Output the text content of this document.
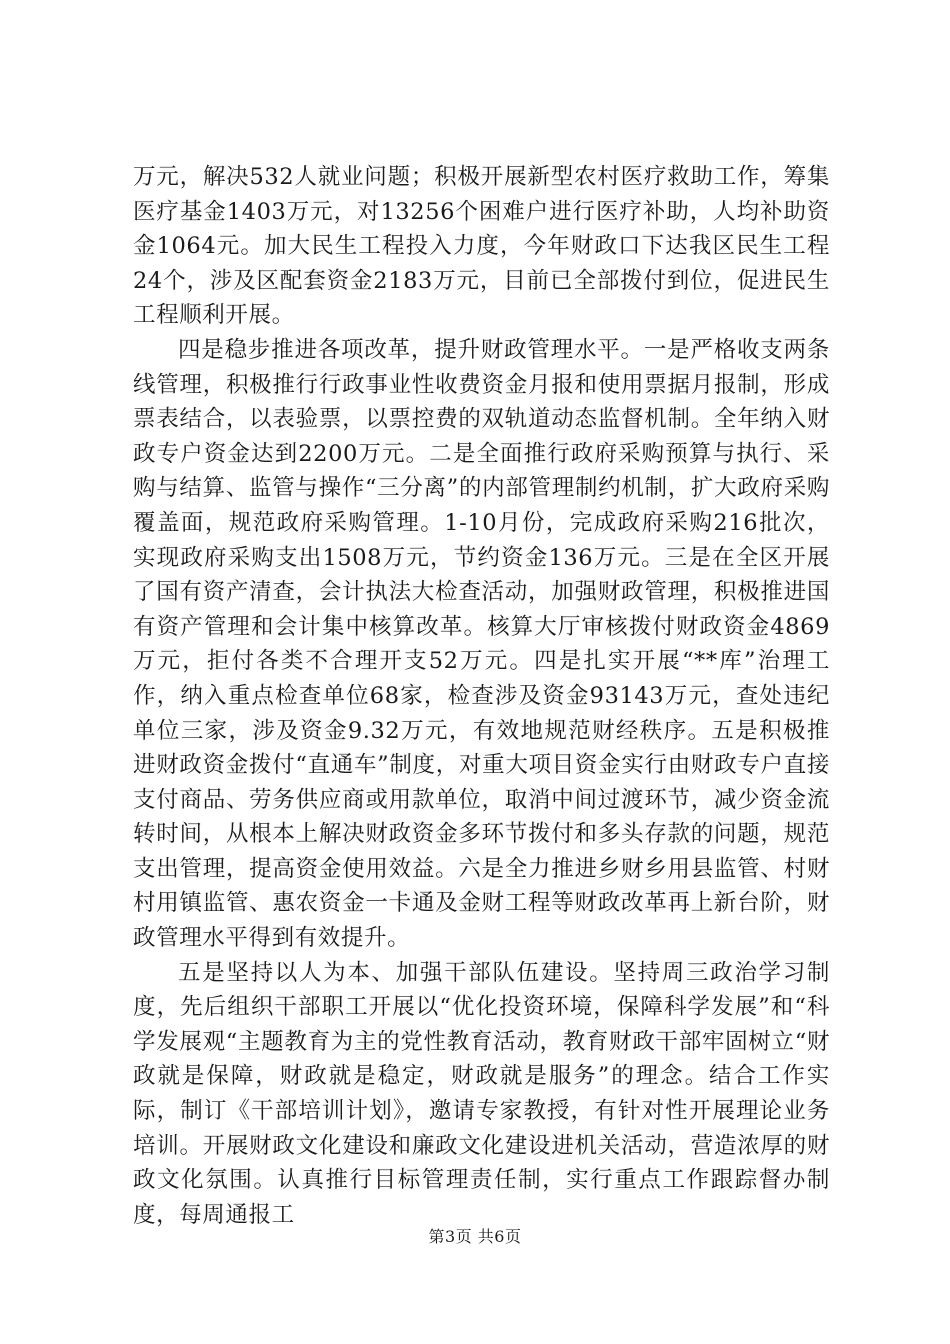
万元，解决532人就业问题；积极开展新型农村医疗救助工作，筹集医疗基金1403万元，对13256个困难户进行医疗补助，人均补助资金1064元。加大民生工程投入力度，今年财政口下达我区民生工程24个，涉及区配套资金2183万元，目前已全部拨付到位，促进民生工程顺利开展。

四是稳步推进各项改革，提升财政管理水平。一是严格收支两条线管理，积极推行行政事业性收费资金月报和使用票据月报制，形成票表结合，以表验票，以票控费的双轨道动态监督机制。全年纳入财政专户资金达到2200万元。二是全面推行政府采购预算与执行、采购与结算、监管与操作“三分离”的内部管理制约机制，扩大政府采购覆盖面，规范政府采购管理。1-10月份，完成政府采购216批次，实现政府采购支出1508万元，节约资金136万元。三是在全区开展了国有资产清查，会计执法大检查活动，加强财政管理，积极推进国有资产管理和会计集中核算改革。核算大厅审核拨付财政资金4869万元，拒付各类不合理开支52万元。四是扎实开展“**库”治理工作，纳入重点检查单位68家，检查涉及资金93143万元，查处违纪单位三家，涉及资金9.32万元，有效地规范财经秩序。五是积极推进财政资金拨付“直通车”制度，对重大项目资金实行由财政专户直接支付商品、劳务供应商或用款单位，取消中间过渡环节，减少资金流转时间，从根本上解决财政资金多环节拨付和多头存款的问题，规范支出管理，提高资金使用效益。六是全力推进乡财乡用县监管、村财村用镇监管、惠农资金一卡通及金财工程等财政改革再上新台阶，财政管理水平得到有效提升。

五是坚持以人为本、加强干部队伍建设。坚持周三政治学习制度，先后组织干部职工开展以“优化投资环境，保障科学发展”和“科学发展观“主题教育为主的党性教育活动，教育财政干部牢固树立“财政就是保障，财政就是稳定，财政就是服务”的理念。结合工作实际，制订《干部培训计划》，邀请专家教授，有针对性开展理论业务培训。开展财政文化建设和廉政文化建设进机关活动，营造浓厚的财政文化氛围。认真推行目标管理责任制，实行重点工作跟踪督办制度，每周通报工

第3页 共6页
